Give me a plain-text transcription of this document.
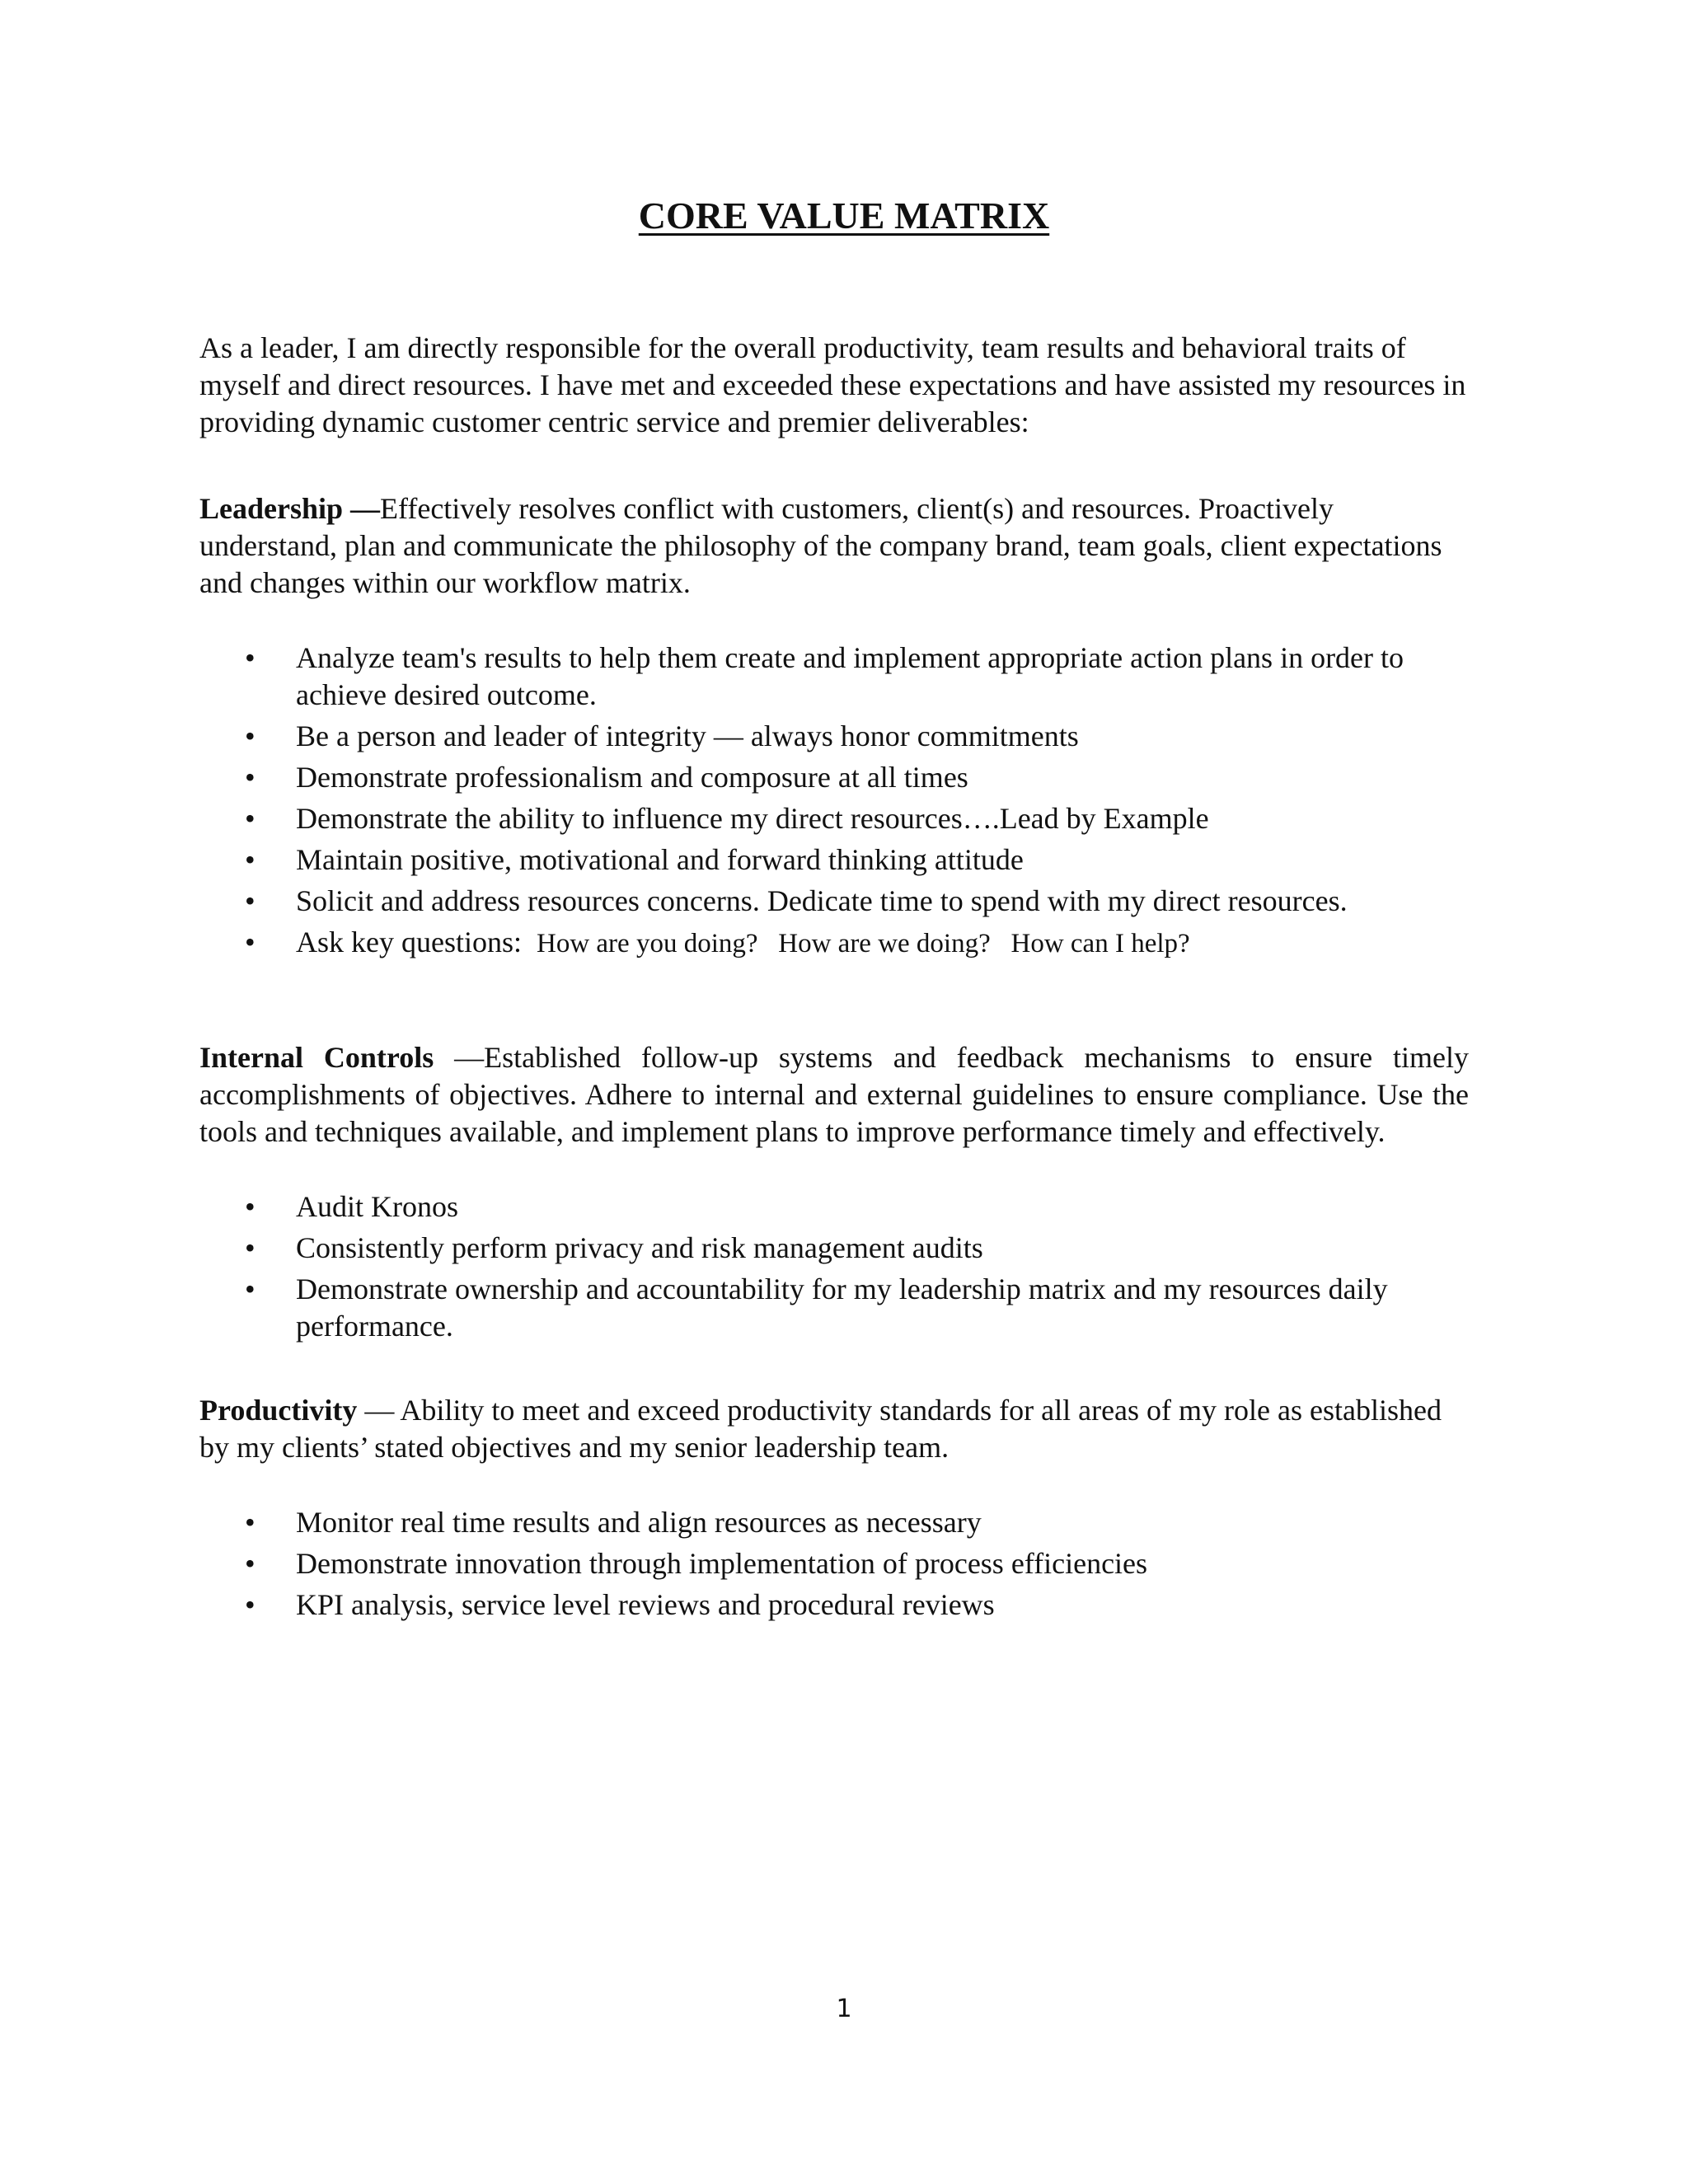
CORE VALUE MATRIX

As a leader, I am directly responsible for the overall productivity, team results and behavioral traits of myself and direct resources. I have met and exceeded these expectations and have assisted my resources in providing dynamic customer centric service and premier deliverables:

Leadership —Effectively resolves conflict with customers, client(s) and resources. Proactively understand, plan and communicate the philosophy of the company brand, team goals, client expectations and changes within our workflow matrix.

• Analyze team's results to help them create and implement appropriate action plans in order to achieve desired outcome.
• Be a person and leader of integrity — always honor commitments
• Demonstrate professionalism and composure at all times
• Demonstrate the ability to influence my direct resources….Lead by Example
• Maintain positive, motivational and forward thinking attitude
• Solicit and address resources concerns. Dedicate time to spend with my direct resources.
• Ask key questions: How are you doing?   How are we doing?   How can I help?

Internal Controls —Established follow-up systems and feedback mechanisms to ensure timely accomplishments of objectives. Adhere to internal and external guidelines to ensure compliance. Use the tools and techniques available, and implement plans to improve performance timely and effectively.

• Audit Kronos
• Consistently perform privacy and risk management audits
• Demonstrate ownership and accountability for my leadership matrix and my resources daily performance.

Productivity — Ability to meet and exceed productivity standards for all areas of my role as established by my clients’ stated objectives and my senior leadership team.

• Monitor real time results and align resources as necessary
• Demonstrate innovation through implementation of process efficiencies
• KPI analysis, service level reviews and procedural reviews
1
